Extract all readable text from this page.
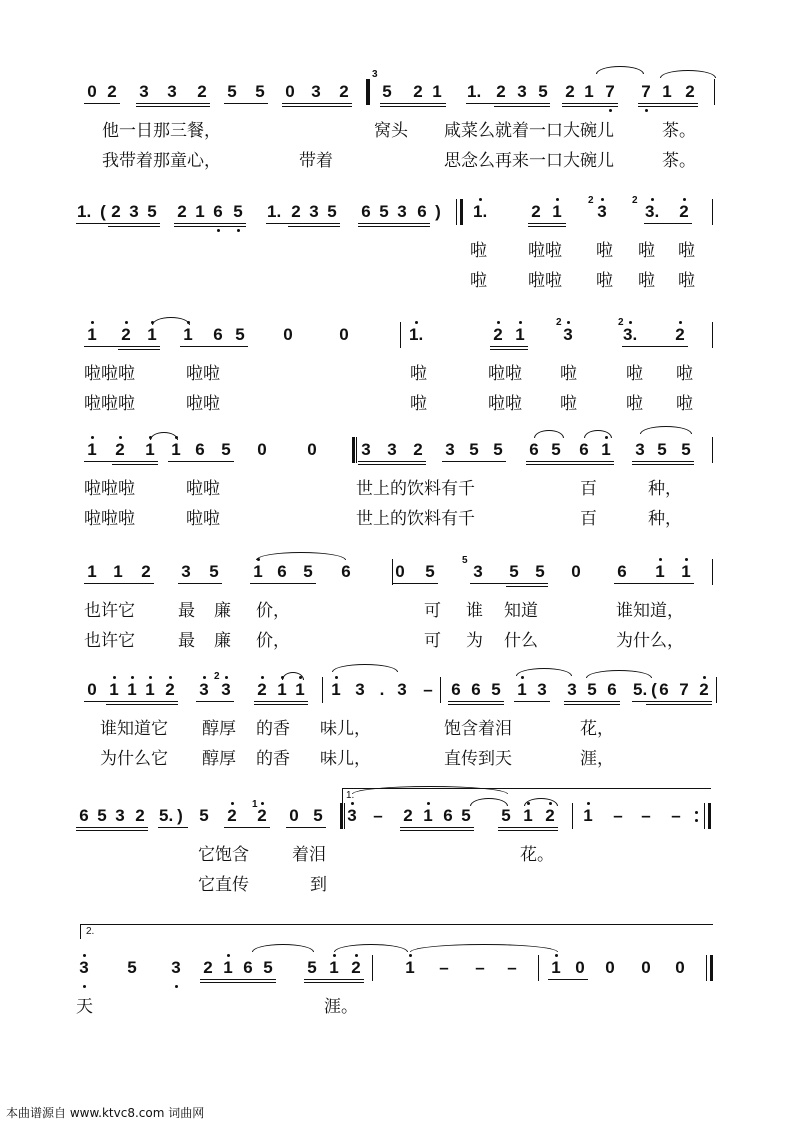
0 2 3 3 2 5 5 0 3 2 5 2 1 1. 2 3 5 2 1 7 7 1 2
他一日那三餐，	窝头 咸菜么就着一口大碗儿	茶。
我带着那童心，	带着	思念么再来一口大碗儿	茶。
1. ( 2 3 5 2 1 6 5 1. 2 3 5 6 5 3 6 ) 1.	2 1 3 3. 2
啦 啦啦 啦 啦 啦
啦 啦啦 啦 啦 啦
1 2 1 1 6 5 0	0	1.	2 1 3	3. 2
啦啦啦	啦啦	啦	啦啦 啦	啦 啦
啦啦啦	啦啦	啦	啦啦 啦	啦 啦
1 2 1 1 6 5 0 0	3 3 2 3 5 5 6 5 6 1 3 5 5
啦啦啦	啦啦	世上的饮料有千	百	种，
啦啦啦	啦啦	世上的饮料有千	百	种，
1 1 2 3 5 1 6 5 6	0 5 3 5 5 0 6 1 1
也许它	最 廉 价，	可 谁 知道	谁知道，
也许它	最 廉 价，	可 为 什么	为什么，
0 1 1 1 2 3 3 2 1 1 1 3 . 3 – 6 6 5 1 3 3 5 6 5. ( 6 7 2
谁知道它 醇厚 的香 味儿，	饱含着泪	花，
为什么它 醇厚 的香 味儿，	直传到天	涯，
6 5 3 2 5. ) 5 2 2 0 5 3 – 2 1 6 5 5 1 2 1 – – –
它饱含	着泪	花。
它直传	到
3 5 3 2 1 6 5 5 1 2	1 – – – 1 0 0 0 0
天	涯。
3
2	2
2	2
5
2
1
1.
2.
本曲谱源自 www.ktvc8.com 词曲网
